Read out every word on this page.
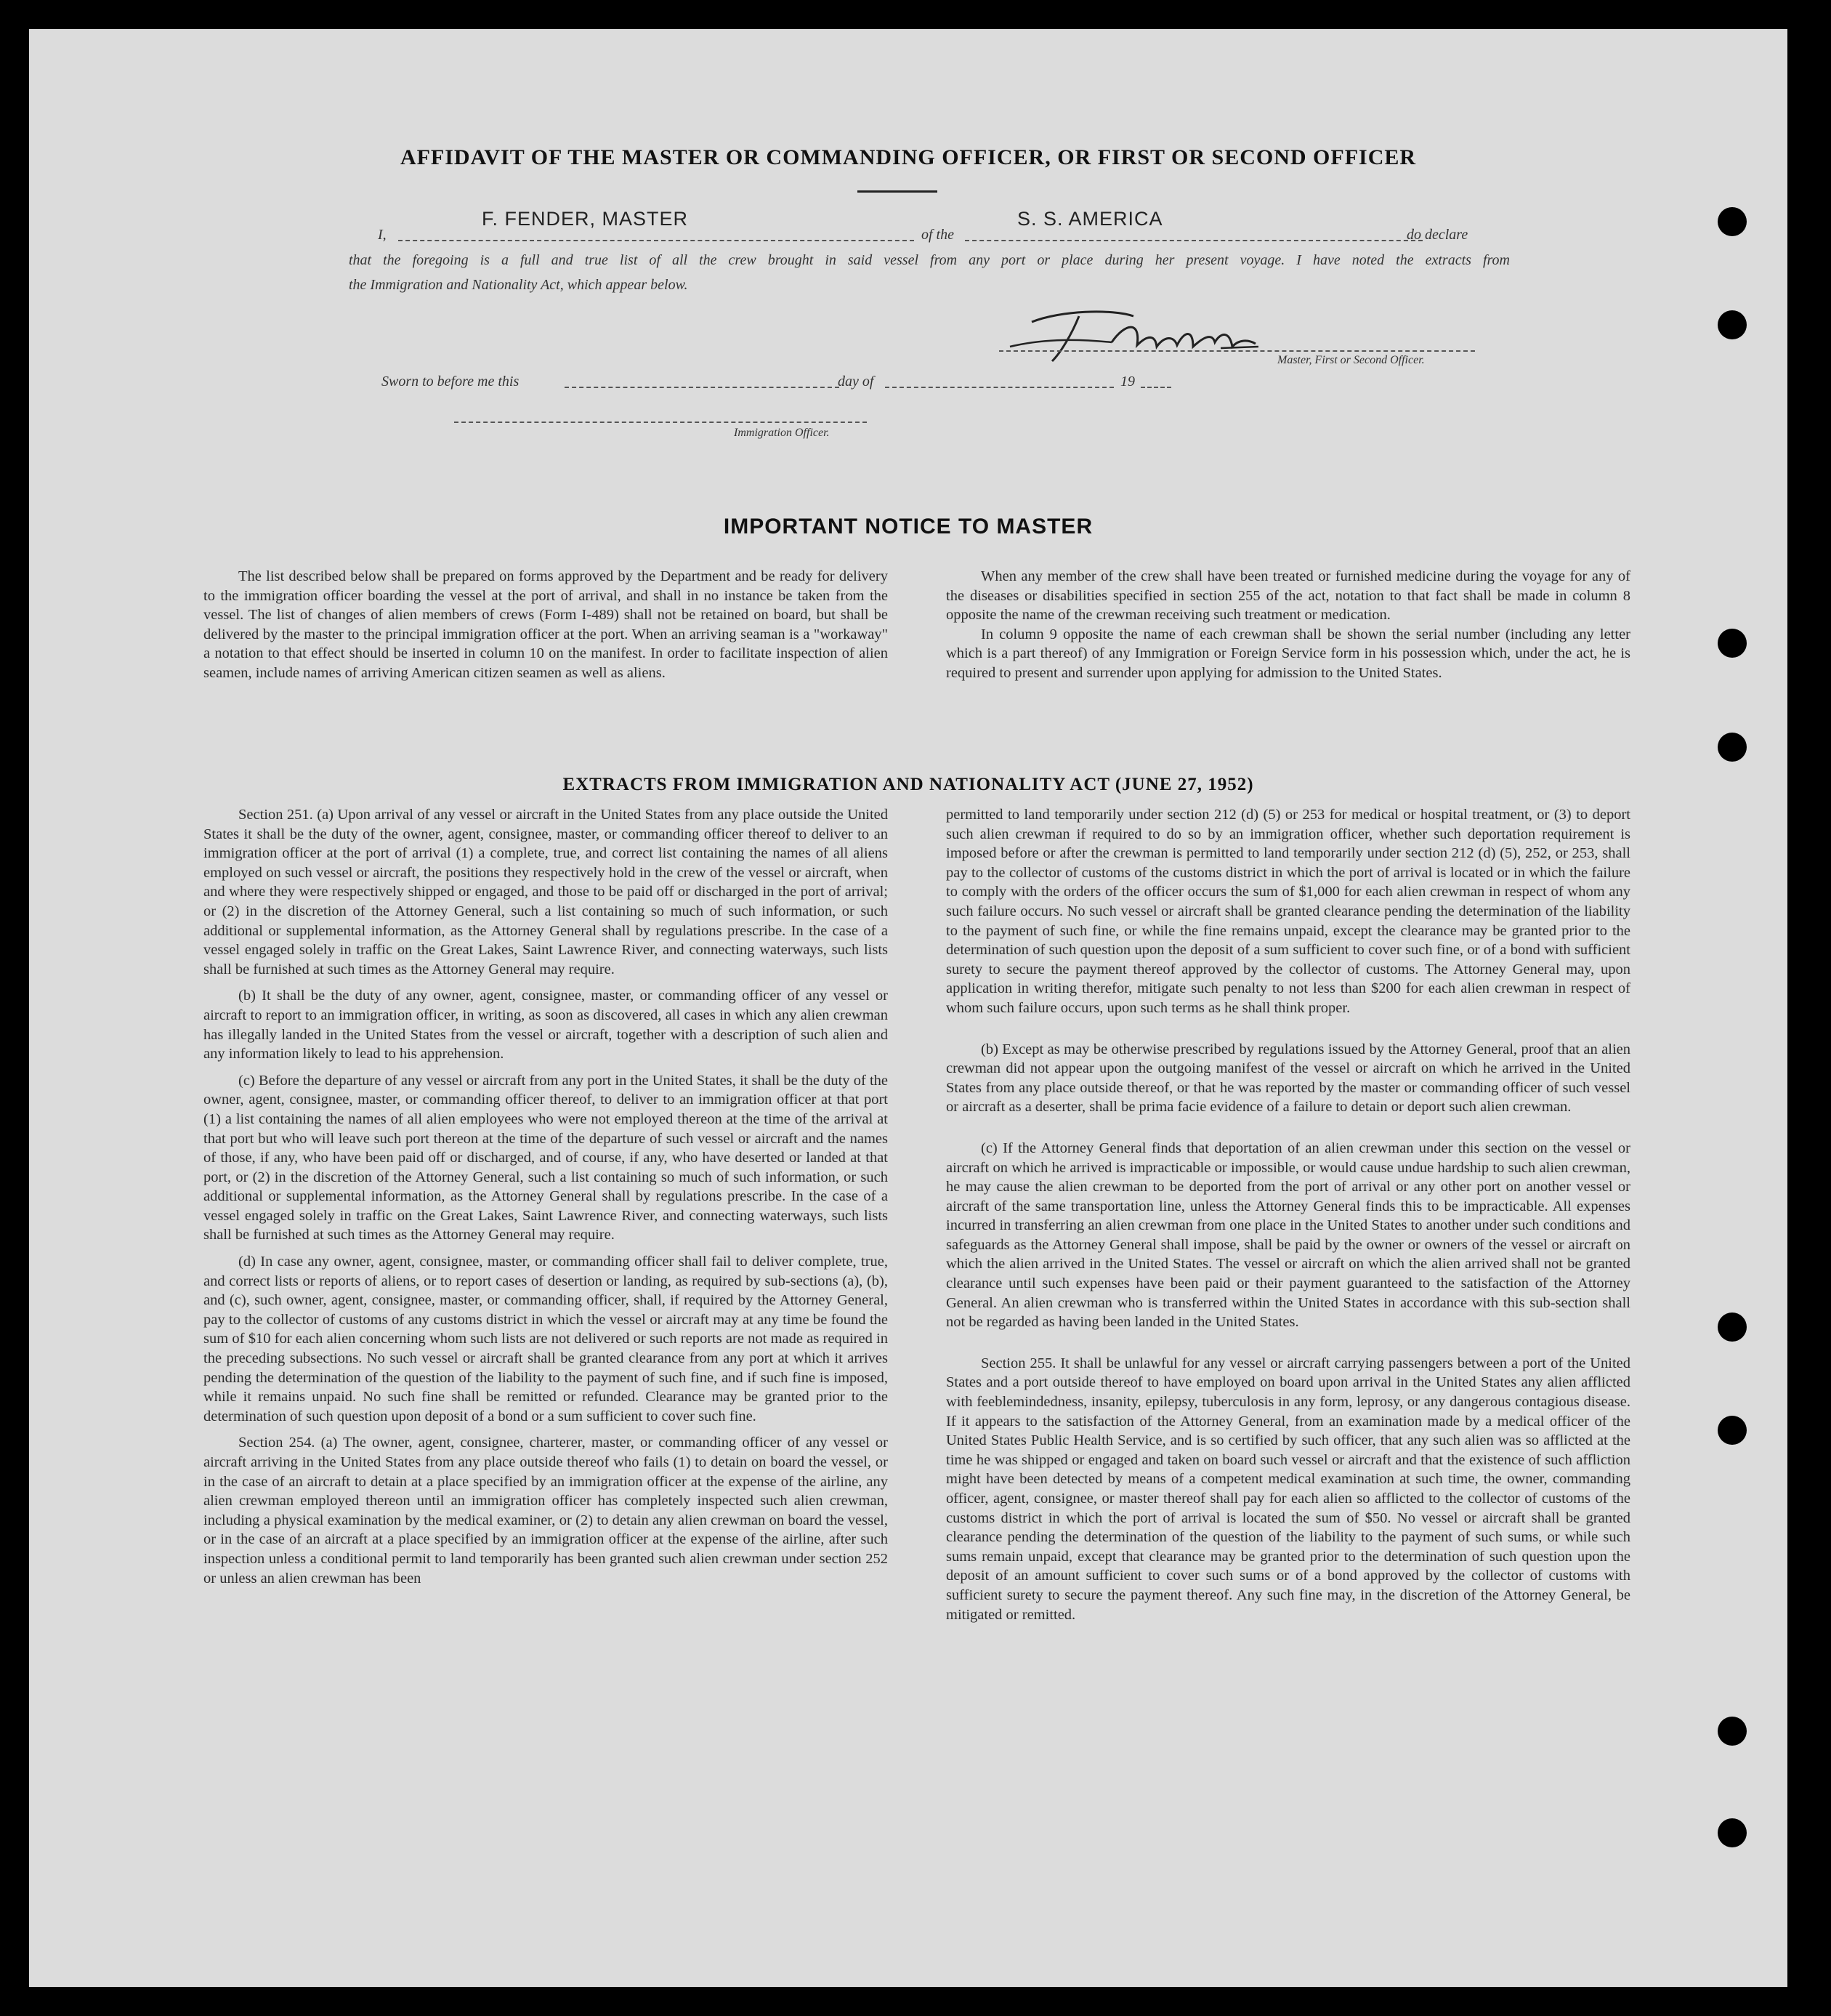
AFFIDAVIT OF THE MASTER OR COMMANDING OFFICER, OR FIRST OR SECOND OFFICER
I,
F. FENDER, MASTER
of the
S. S. AMERICA
do declare
that the foregoing is a full and true list of all the crew brought in said vessel from any port or place during her present voyage. I have noted the extracts from
the Immigration and Nationality Act, which appear below.
Master, First or Second Officer.
Sworn to before me this	day of	19
Immigration Officer.
IMPORTANT NOTICE TO MASTER

The list described below shall be prepared on forms approved by the Department and be ready for delivery to the immigration officer boarding the vessel at the port of arrival, and shall in no instance be taken from the vessel. The list of changes of alien members of crews (Form I-489) shall not be retained on board, but shall be delivered by the master to the principal immigration officer at the port. When an arriving seaman is a "workaway" a notation to that effect should be inserted in column 10 on the manifest. In order to facilitate inspection of alien seamen, include names of arriving American citizen seamen as well as aliens.

When any member of the crew shall have been treated or furnished medicine during the voyage for any of the diseases or disabilities specified in section 255 of the act, notation to that fact shall be made in column 8 opposite the name of the crewman receiving such treatment or medication.

In column 9 opposite the name of each crewman shall be shown the serial number (including any letter which is a part thereof) of any Immigration or Foreign Service form in his possession which, under the act, he is required to present and surrender upon applying for admission to the United States.

EXTRACTS FROM IMMIGRATION AND NATIONALITY ACT (JUNE 27, 1952)

Section 251. (a) Upon arrival of any vessel or aircraft in the United States from any place outside the United States it shall be the duty of the owner, agent, consignee, master, or commanding officer thereof to deliver to an immigration officer at the port of arrival (1) a complete, true, and correct list containing the names of all aliens employed on such vessel or aircraft, the positions they respectively hold in the crew of the vessel or aircraft, when and where they were respectively shipped or engaged, and those to be paid off or discharged in the port of arrival; or (2) in the discretion of the Attorney General, such a list containing so much of such information, or such additional or supplemental information, as the Attorney General shall by regulations prescribe. In the case of a vessel engaged solely in traffic on the Great Lakes, Saint Lawrence River, and connecting waterways, such lists shall be furnished at such times as the Attorney General may require.

(b) It shall be the duty of any owner, agent, consignee, master, or commanding officer of any vessel or aircraft to report to an immigration officer, in writing, as soon as discovered, all cases in which any alien crewman has illegally landed in the United States from the vessel or aircraft, together with a description of such alien and any information likely to lead to his apprehension.

(c) Before the departure of any vessel or aircraft from any port in the United States, it shall be the duty of the owner, agent, consignee, master, or commanding officer thereof, to deliver to an immigration officer at that port (1) a list containing the names of all alien employees who were not employed thereon at the time of the arrival at that port but who will leave such port thereon at the time of the departure of such vessel or aircraft and the names of those, if any, who have been paid off or discharged, and of course, if any, who have deserted or landed at that port, or (2) in the discretion of the Attorney General, such a list containing so much of such information, or such additional or supplemental information, as the Attorney General shall by regulations prescribe. In the case of a vessel engaged solely in traffic on the Great Lakes, Saint Lawrence River, and connecting waterways, such lists shall be furnished at such times as the Attorney General may require.

(d) In case any owner, agent, consignee, master, or commanding officer shall fail to deliver complete, true, and correct lists or reports of aliens, or to report cases of desertion or landing, as required by sub-sections (a), (b), and (c), such owner, agent, consignee, master, or commanding officer, shall, if required by the Attorney General, pay to the collector of customs of any customs district in which the vessel or aircraft may at any time be found the sum of $10 for each alien concerning whom such lists are not delivered or such reports are not made as required in the preceding subsections. No such vessel or aircraft shall be granted clearance from any port at which it arrives pending the determination of the question of the liability to the payment of such fine, and if such fine is imposed, while it remains unpaid. No such fine shall be remitted or refunded. Clearance may be granted prior to the determination of such question upon deposit of a bond or a sum sufficient to cover such fine.

Section 254. (a) The owner, agent, consignee, charterer, master, or commanding officer of any vessel or aircraft arriving in the United States from any place outside thereof who fails (1) to detain on board the vessel, or in the case of an aircraft to detain at a place specified by an immigration officer at the expense of the airline, any alien crewman employed thereon until an immigration officer has completely inspected such alien crewman, including a physical examination by the medical examiner, or (2) to detain any alien crewman on board the vessel, or in the case of an aircraft at a place specified by an immigration officer at the expense of the airline, after such inspection unless a conditional permit to land temporarily has been granted such alien crewman under section 252 or unless an alien crewman has been

permitted to land temporarily under section 212 (d) (5) or 253 for medical or hospital treatment, or (3) to deport such alien crewman if required to do so by an immigration officer, whether such deportation requirement is imposed before or after the crewman is permitted to land temporarily under section 212 (d) (5), 252, or 253, shall pay to the collector of customs of the customs district in which the port of arrival is located or in which the failure to comply with the orders of the officer occurs the sum of $1,000 for each alien crewman in respect of whom any such failure occurs. No such vessel or aircraft shall be granted clearance pending the determination of the liability to the payment of such fine, or while the fine remains unpaid, except the clearance may be granted prior to the determination of such question upon the deposit of a sum sufficient to cover such fine, or of a bond with sufficient surety to secure the payment thereof approved by the collector of customs. The Attorney General may, upon application in writing therefor, mitigate such penalty to not less than $200 for each alien crewman in respect of whom such failure occurs, upon such terms as he shall think proper.

(b) Except as may be otherwise prescribed by regulations issued by the Attorney General, proof that an alien crewman did not appear upon the outgoing manifest of the vessel or aircraft on which he arrived in the United States from any place outside thereof, or that he was reported by the master or commanding officer of such vessel or aircraft as a deserter, shall be prima facie evidence of a failure to detain or deport such alien crewman.

(c) If the Attorney General finds that deportation of an alien crewman under this section on the vessel or aircraft on which he arrived is impracticable or impossible, or would cause undue hardship to such alien crewman, he may cause the alien crewman to be deported from the port of arrival or any other port on another vessel or aircraft of the same transportation line, unless the Attorney General finds this to be impracticable. All expenses incurred in transferring an alien crewman from one place in the United States to another under such conditions and safeguards as the Attorney General shall impose, shall be paid by the owner or owners of the vessel or aircraft on which the alien arrived in the United States. The vessel or aircraft on which the alien arrived shall not be granted clearance until such expenses have been paid or their payment guaranteed to the satisfaction of the Attorney General. An alien crewman who is transferred within the United States in accordance with this sub-section shall not be regarded as having been landed in the United States.

Section 255. It shall be unlawful for any vessel or aircraft carrying passengers between a port of the United States and a port outside thereof to have employed on board upon arrival in the United States any alien afflicted with feeblemindedness, insanity, epilepsy, tuberculosis in any form, leprosy, or any dangerous contagious disease. If it appears to the satisfaction of the Attorney General, from an examination made by a medical officer of the United States Public Health Service, and is so certified by such officer, that any such alien was so afflicted at the time he was shipped or engaged and taken on board such vessel or aircraft and that the existence of such affliction might have been detected by means of a competent medical examination at such time, the owner, commanding officer, agent, consignee, or master thereof shall pay for each alien so afflicted to the collector of customs of the customs district in which the port of arrival is located the sum of $50. No vessel or aircraft shall be granted clearance pending the determination of the question of the liability to the payment of such sums, or while such sums remain unpaid, except that clearance may be granted prior to the determination of such question upon the deposit of an amount sufficient to cover such sums or of a bond approved by the collector of customs with sufficient surety to secure the payment thereof. Any such fine may, in the discretion of the Attorney General, be mitigated or remitted.
